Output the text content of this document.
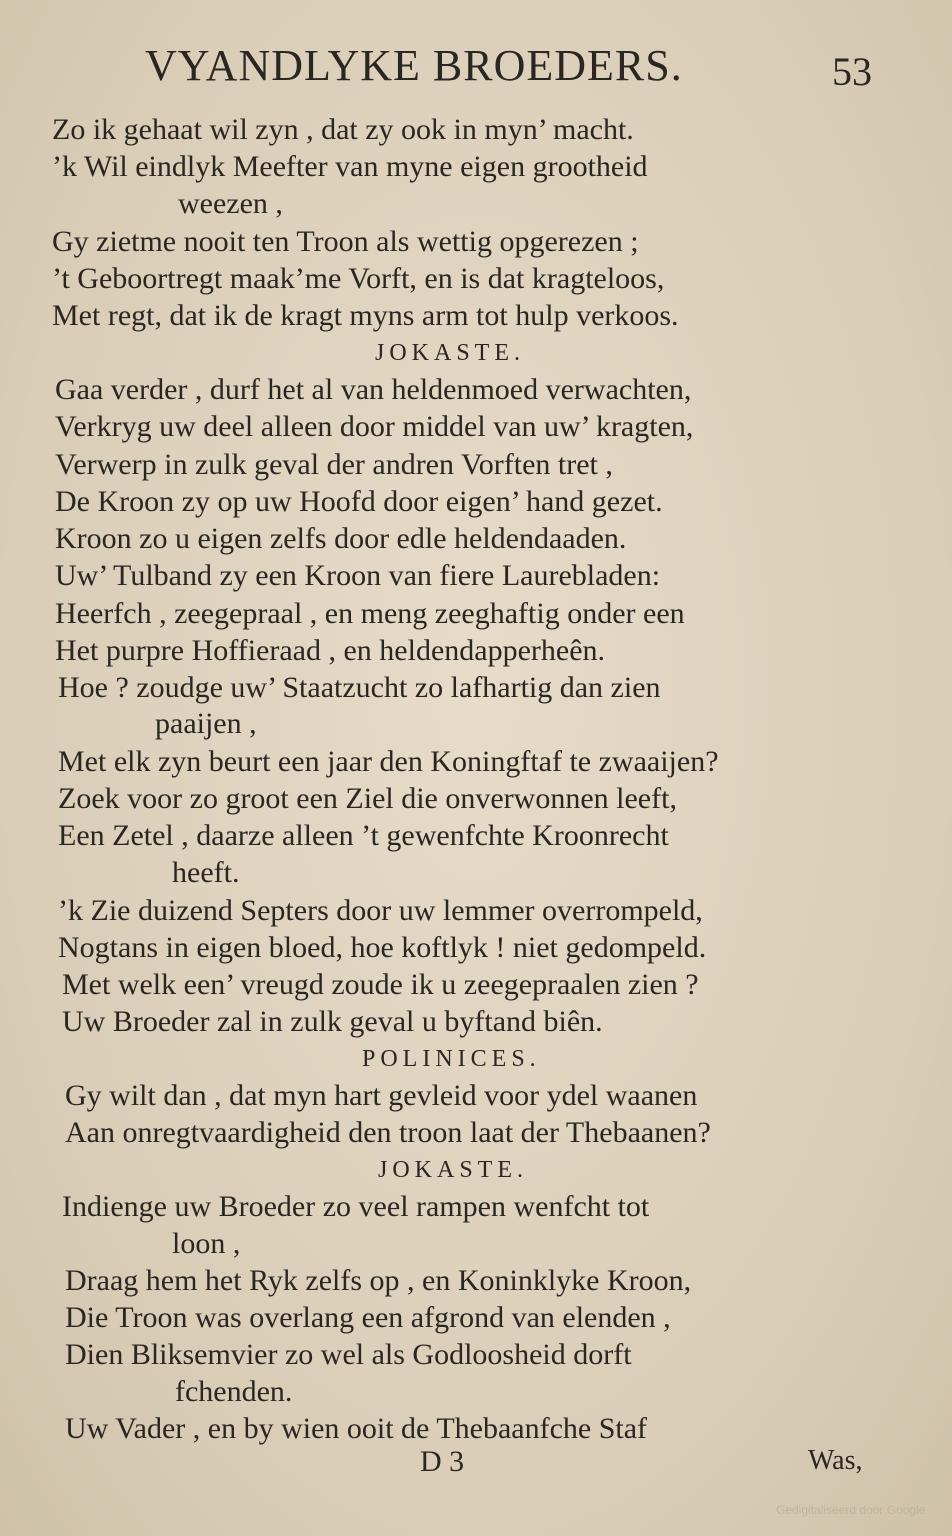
VYANDLYKE BROEDERS.	53
Zo ik gehaat wil zyn , dat zy ook in myn’ macht.
’k Wil eindlyk Meefter van myne eigen grootheid
weezen ,
Gy zietme nooit ten Troon als wettig opgerezen ;
’t Geboortregt maak’me Vorft, en is dat kragteloos,
Met regt, dat ik de kragt myns arm tot hulp verkoos.
JOKASTE.
Gaa verder , durf het al van heldenmoed verwachten,
Verkryg uw deel alleen door middel van uw’ kragten,
Verwerp in zulk geval der andren Vorften tret ,
De Kroon zy op uw Hoofd door eigen’ hand gezet.
Kroon zo u eigen zelfs door edle heldendaaden.
Uw’ Tulband zy een Kroon van fiere Laurebladen:
Heerfch , zeegepraal , en meng zeeghaftig onder een
Het purpre Hoffieraad , en heldendapperheên.
Hoe ? zoudge uw’ Staatzucht zo lafhartig dan zien
paaijen ,
Met elk zyn beurt een jaar den Koningftaf te zwaaijen?
Zoek voor zo groot een Ziel die onverwonnen leeft,
Een Zetel , daarze alleen ’t gewenfchte Kroonrecht
heeft.
’k Zie duizend Septers door uw lemmer overrompeld,
Nogtans in eigen bloed, hoe koftlyk ! niet gedompeld.
Met welk een’ vreugd zoude ik u zeegepraalen zien ?
Uw Broeder zal in zulk geval u byftand biên.
POLINICES.
Gy wilt dan , dat myn hart gevleid voor ydel waanen
Aan onregtvaardigheid den troon laat der Thebaanen?
JOKASTE.
Indienge uw Broeder zo veel rampen wenfcht tot
loon ,
Draag hem het Ryk zelfs op , en Koninklyke Kroon,
Die Troon was overlang een afgrond van elenden ,
Dien Bliksemvier zo wel als Godloosheid dorft
fchenden.
Uw Vader , en by wien ooit de Thebaanfche Staf
D 3	Was,
Gedigitaliseerd door Google
